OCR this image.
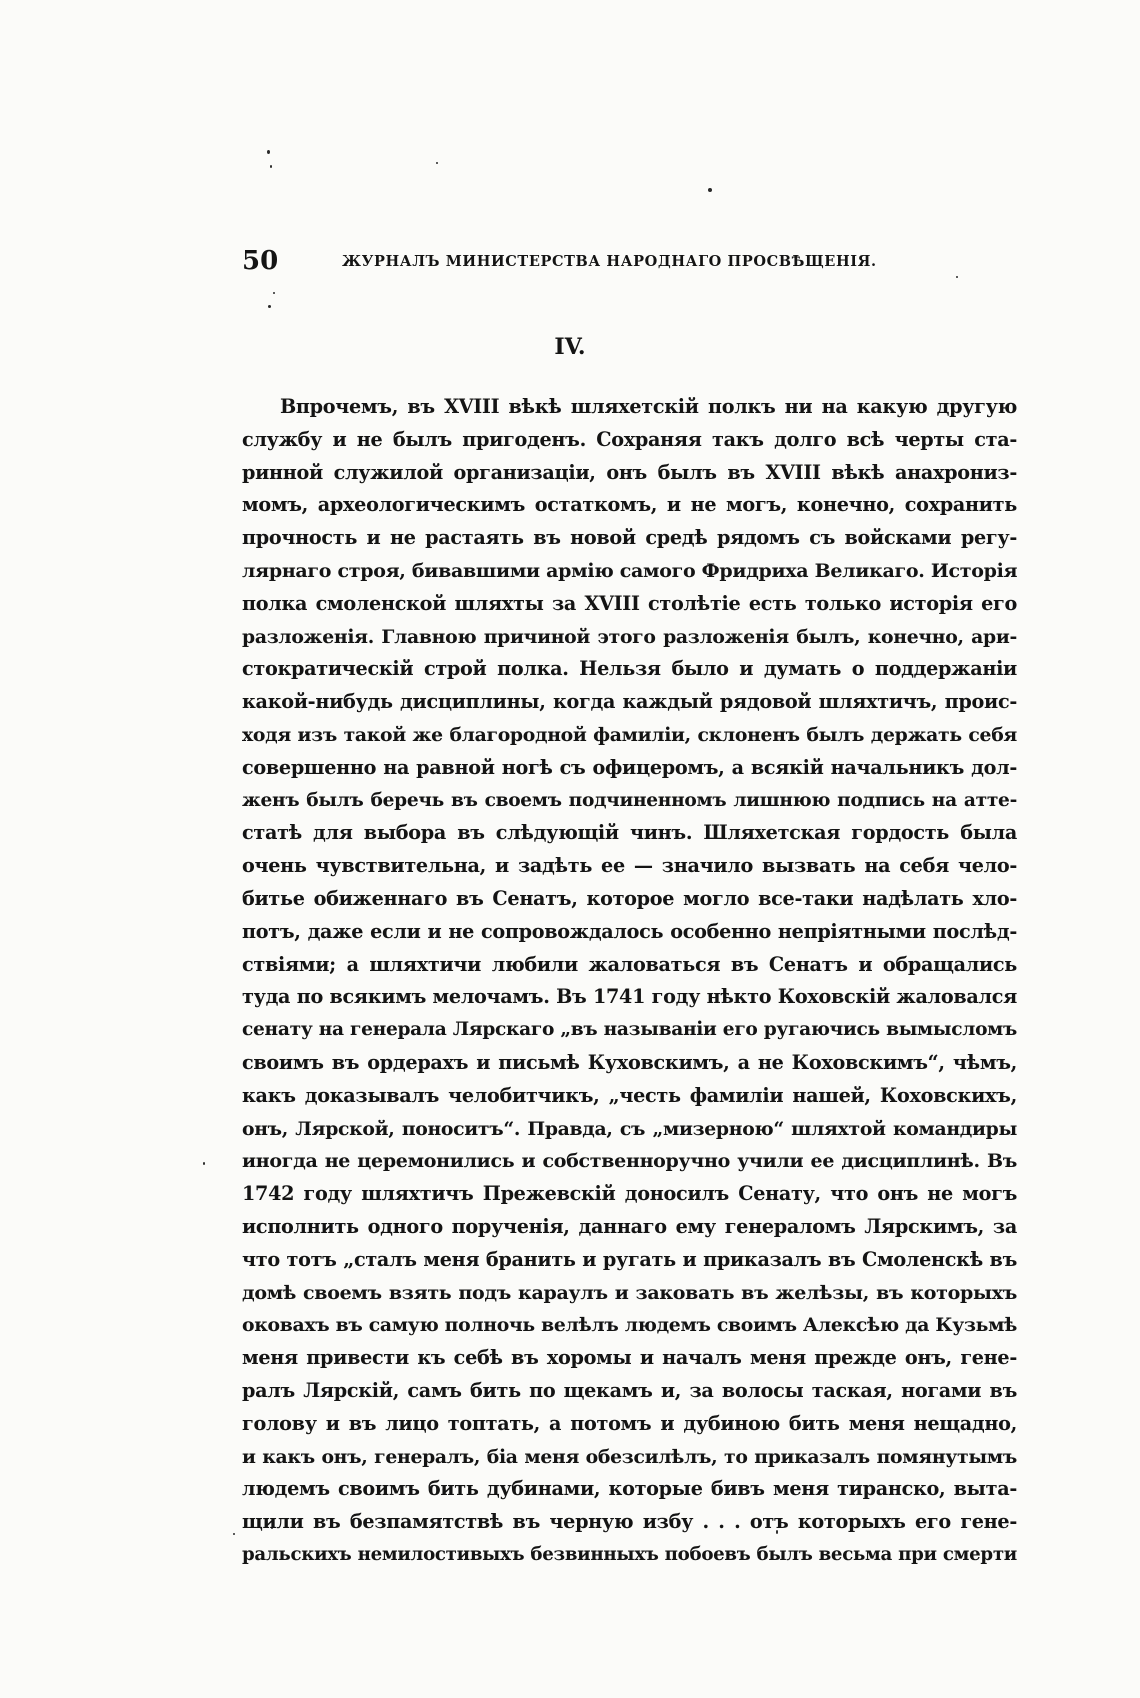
50	ЖУРНАЛЪ МИНИСТЕРСТВА НАРОДНАГО ПРОСВѢЩЕНІЯ.
IV.
Впрочемъ, въ XVIII вѣкѣ шляхетскій полкъ ни на какую другую
службу и не былъ пригоденъ. Сохраняя такъ долго всѣ черты ста-
ринной служилой организаціи, онъ былъ въ XVIII вѣкѣ анахрониз-
момъ, археологическимъ остаткомъ, и не могъ, конечно, сохранить
прочность и не растаять въ новой средѣ рядомъ съ войсками регу-
лярнаго строя, бивавшими армію самого Фридриха Великаго. Исторія
полка смоленской шляхты за XVIII столѣтіе есть только исторія его
разложенія. Главною причиной этого разложенія былъ, конечно, ари-
стократическій строй полка. Нельзя было и думать о поддержаніи
какой-нибудь дисциплины, когда каждый рядовой шляхтичъ, проис-
ходя изъ такой же благородной фамиліи, склоненъ былъ держать себя
совершенно на равной ногѣ съ офицеромъ, а всякій начальникъ дол-
женъ былъ беречь въ своемъ подчиненномъ лишнюю подпись на аттe-
статѣ для выбора въ слѣдующій чинъ. Шляхетская гордость была
очень чувствительна, и задѣть ее — значило вызвать на себя чело-
битье обиженнаго въ Сенатъ, которое могло все-таки надѣлать хло-
потъ, даже если и не сопровождалось особенно непріятными послѣд-
ствіями; а шляхтичи любили жаловаться въ Сенатъ и обращались
туда по всякимъ мелочамъ. Въ 1741 году нѣкто Коховскій жаловался
сенату на генерала Лярскаго „въ называніи его ругаючись вымысломъ
своимъ въ ордерахъ и письмѣ Куховскимъ, а не Коховскимъ“, чѣмъ,
какъ доказывалъ челобитчикъ, „честь фамиліи нашей, Коховскихъ,
онъ, Лярской, поноситъ“. Правда, съ „мизерною“ шляхтой командиры
иногда не церемонились и собственноручно учили ее дисциплинѣ. Въ
1742 году шляхтичъ Прежевскій доносилъ Сенату, что онъ не могъ
исполнить одного порученія, даннаго ему генераломъ Лярскимъ, за
что тотъ „сталъ меня бранить и ругать и приказалъ въ Смоленскѣ въ
домѣ своемъ взять подъ караулъ и заковать въ желѣзы, въ которыхъ
оковахъ въ самую полночь велѣлъ людемъ своимъ Алексѣю да Кузьмѣ
меня привести къ себѣ въ хоромы и началъ меня прежде онъ, гене-
ралъ Лярскій, самъ бить по щекамъ и, за волосы таская, ногами въ
голову и въ лицо топтать, а потомъ и дубиною бить меня нещадно,
и какъ онъ, генералъ, біа меня обезсилѣлъ, то приказалъ помянутымъ
людемъ своимъ бить дубинами, которые бивъ меня тиранско, выта-
щили въ безпамятствѣ въ черную избу . . . отъ которыхъ его гене-
ральскихъ немилостивыхъ безвинныхъ побоевъ былъ весьма при смерти
